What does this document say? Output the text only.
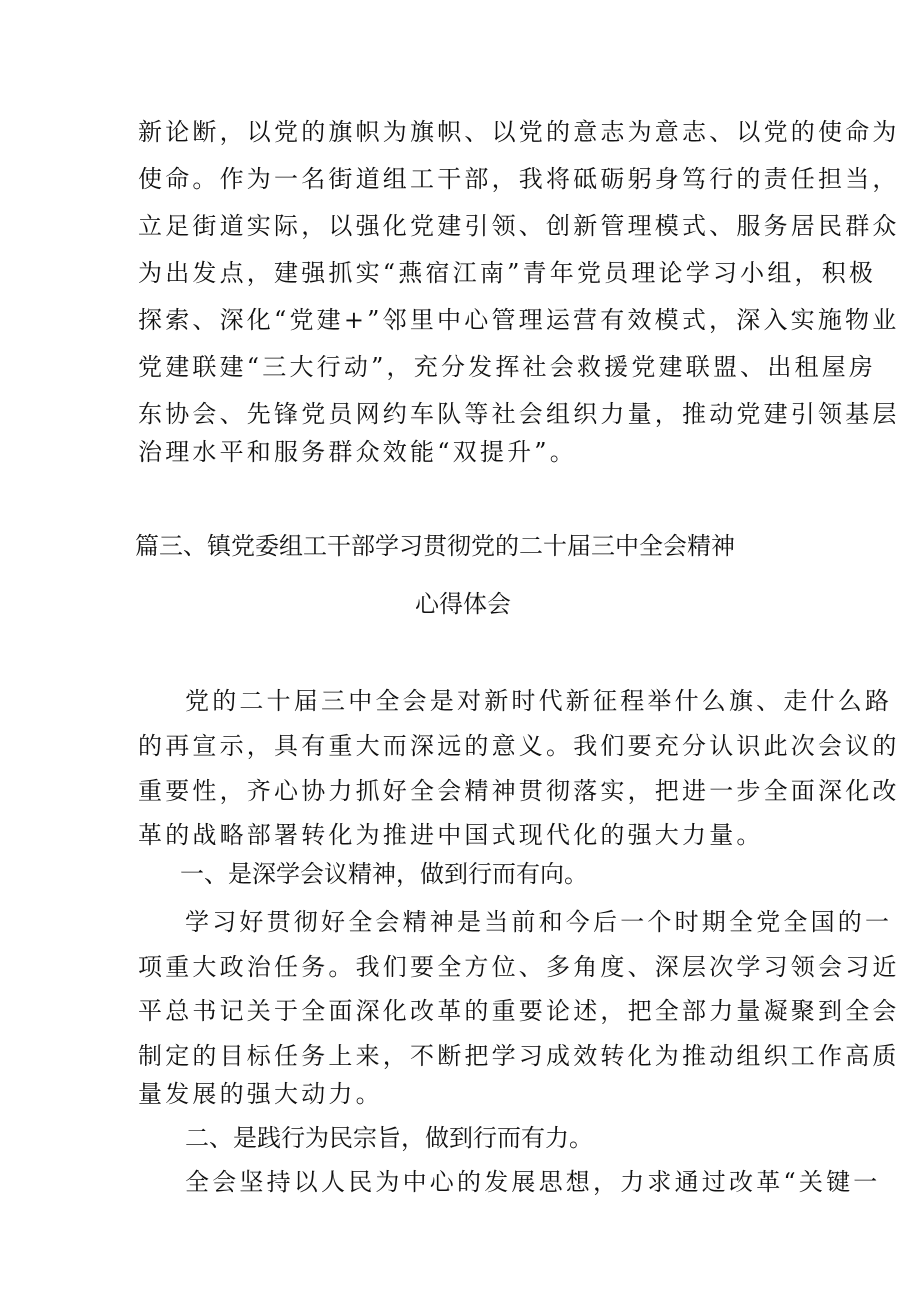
新论断，以党的旗帜为旗帜、以党的意志为意志、以党的使命为
使命。作为一名街道组工干部，我将砥砺躬身笃行的责任担当，
立足街道实际，以强化党建引领、创新管理模式、服务居民群众
为出发点，建强抓实“燕宿江南”青年党员理论学习小组，积极
探索、深化“党建+”邻里中心管理运营有效模式，深入实施物业
党建联建“三大行动”，充分发挥社会救援党建联盟、出租屋房
东协会、先锋党员网约车队等社会组织力量，推动党建引领基层
治理水平和服务群众效能“双提升”。
篇三、镇党委组工干部学习贯彻党的二十届三中全会精神
心得体会
党的二十届三中全会是对新时代新征程举什么旗、走什么路
的再宣示，具有重大而深远的意义。我们要充分认识此次会议的
重要性，齐心协力抓好全会精神贯彻落实，把进一步全面深化改
革的战略部署转化为推进中国式现代化的强大力量。
一、是深学会议精神，做到行而有向。
学习好贯彻好全会精神是当前和今后一个时期全党全国的一
项重大政治任务。我们要全方位、多角度、深层次学习领会习近
平总书记关于全面深化改革的重要论述，把全部力量凝聚到全会
制定的目标任务上来，不断把学习成效转化为推动组织工作高质
量发展的强大动力。
二、是践行为民宗旨，做到行而有力。
全会坚持以人民为中心的发展思想，力求通过改革“关键一
